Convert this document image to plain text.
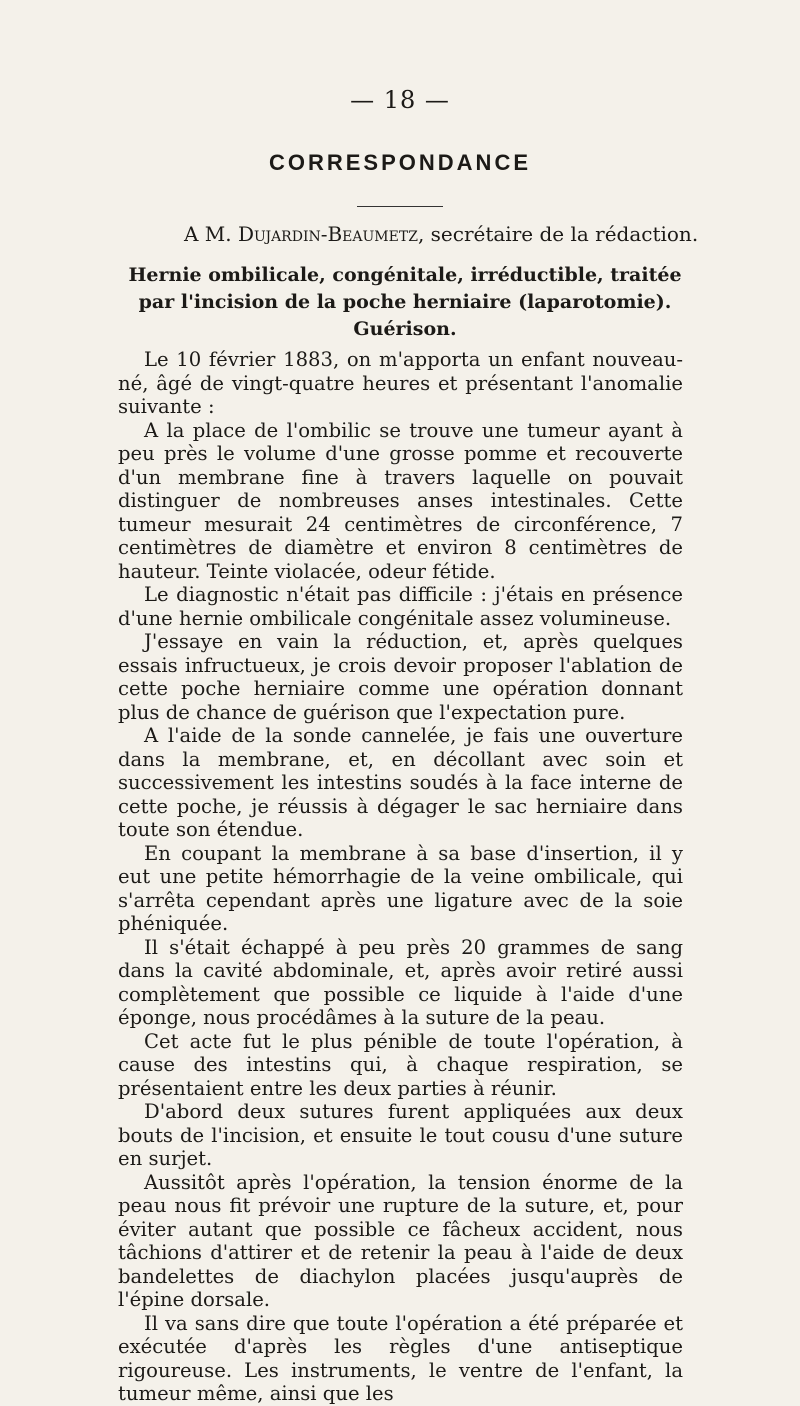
— 18 —
CORRESPONDANCE
A M. Dujardin-Beaumetz, secrétaire de la rédaction.
Hernie ombilicale, congénitale, irréductible, traitée par l'incision de la poche herniaire (laparotomie). Guérison.

Le 10 février 1883, on m'apporta un enfant nouveau-né, âgé de vingt-quatre heures et présentant l'anomalie suivante :

A la place de l'ombilic se trouve une tumeur ayant à peu près le volume d'une grosse pomme et recouverte d'un membrane fine à travers laquelle on pouvait distinguer de nombreuses anses intestinales. Cette tumeur mesurait 24 centimètres de circonférence, 7 centimètres de diamètre et environ 8 centimètres de hauteur. Teinte violacée, odeur fétide.

Le diagnostic n'était pas difficile : j'étais en présence d'une hernie ombilicale congénitale assez volumineuse.

J'essaye en vain la réduction, et, après quelques essais infructueux, je crois devoir proposer l'ablation de cette poche herniaire comme une opération donnant plus de chance de guérison que l'expectation pure.

A l'aide de la sonde cannelée, je fais une ouverture dans la membrane, et, en décollant avec soin et successivement les intestins soudés à la face interne de cette poche, je réussis à dégager le sac herniaire dans toute son étendue.

En coupant la membrane à sa base d'insertion, il y eut une petite hémorrhagie de la veine ombilicale, qui s'arrêta cependant après une ligature avec de la soie phéniquée.

Il s'était échappé à peu près 20 grammes de sang dans la cavité abdominale, et, après avoir retiré aussi complètement que possible ce liquide à l'aide d'une éponge, nous procédâmes à la suture de la peau.

Cet acte fut le plus pénible de toute l'opération, à cause des intestins qui, à chaque respiration, se présentaient entre les deux parties à réunir.

D'abord deux sutures furent appliquées aux deux bouts de l'incision, et ensuite le tout cousu d'une suture en surjet.

Aussitôt après l'opération, la tension énorme de la peau nous fit prévoir une rupture de la suture, et, pour éviter autant que possible ce fâcheux accident, nous tâchions d'attirer et de retenir la peau à l'aide de deux bandelettes de diachylon placées jusqu'auprès de l'épine dorsale.

Il va sans dire que toute l'opération a été préparée et exécutée d'après les règles d'une antiseptique rigoureuse. Les instruments, le ventre de l'enfant, la tumeur même, ainsi que les
